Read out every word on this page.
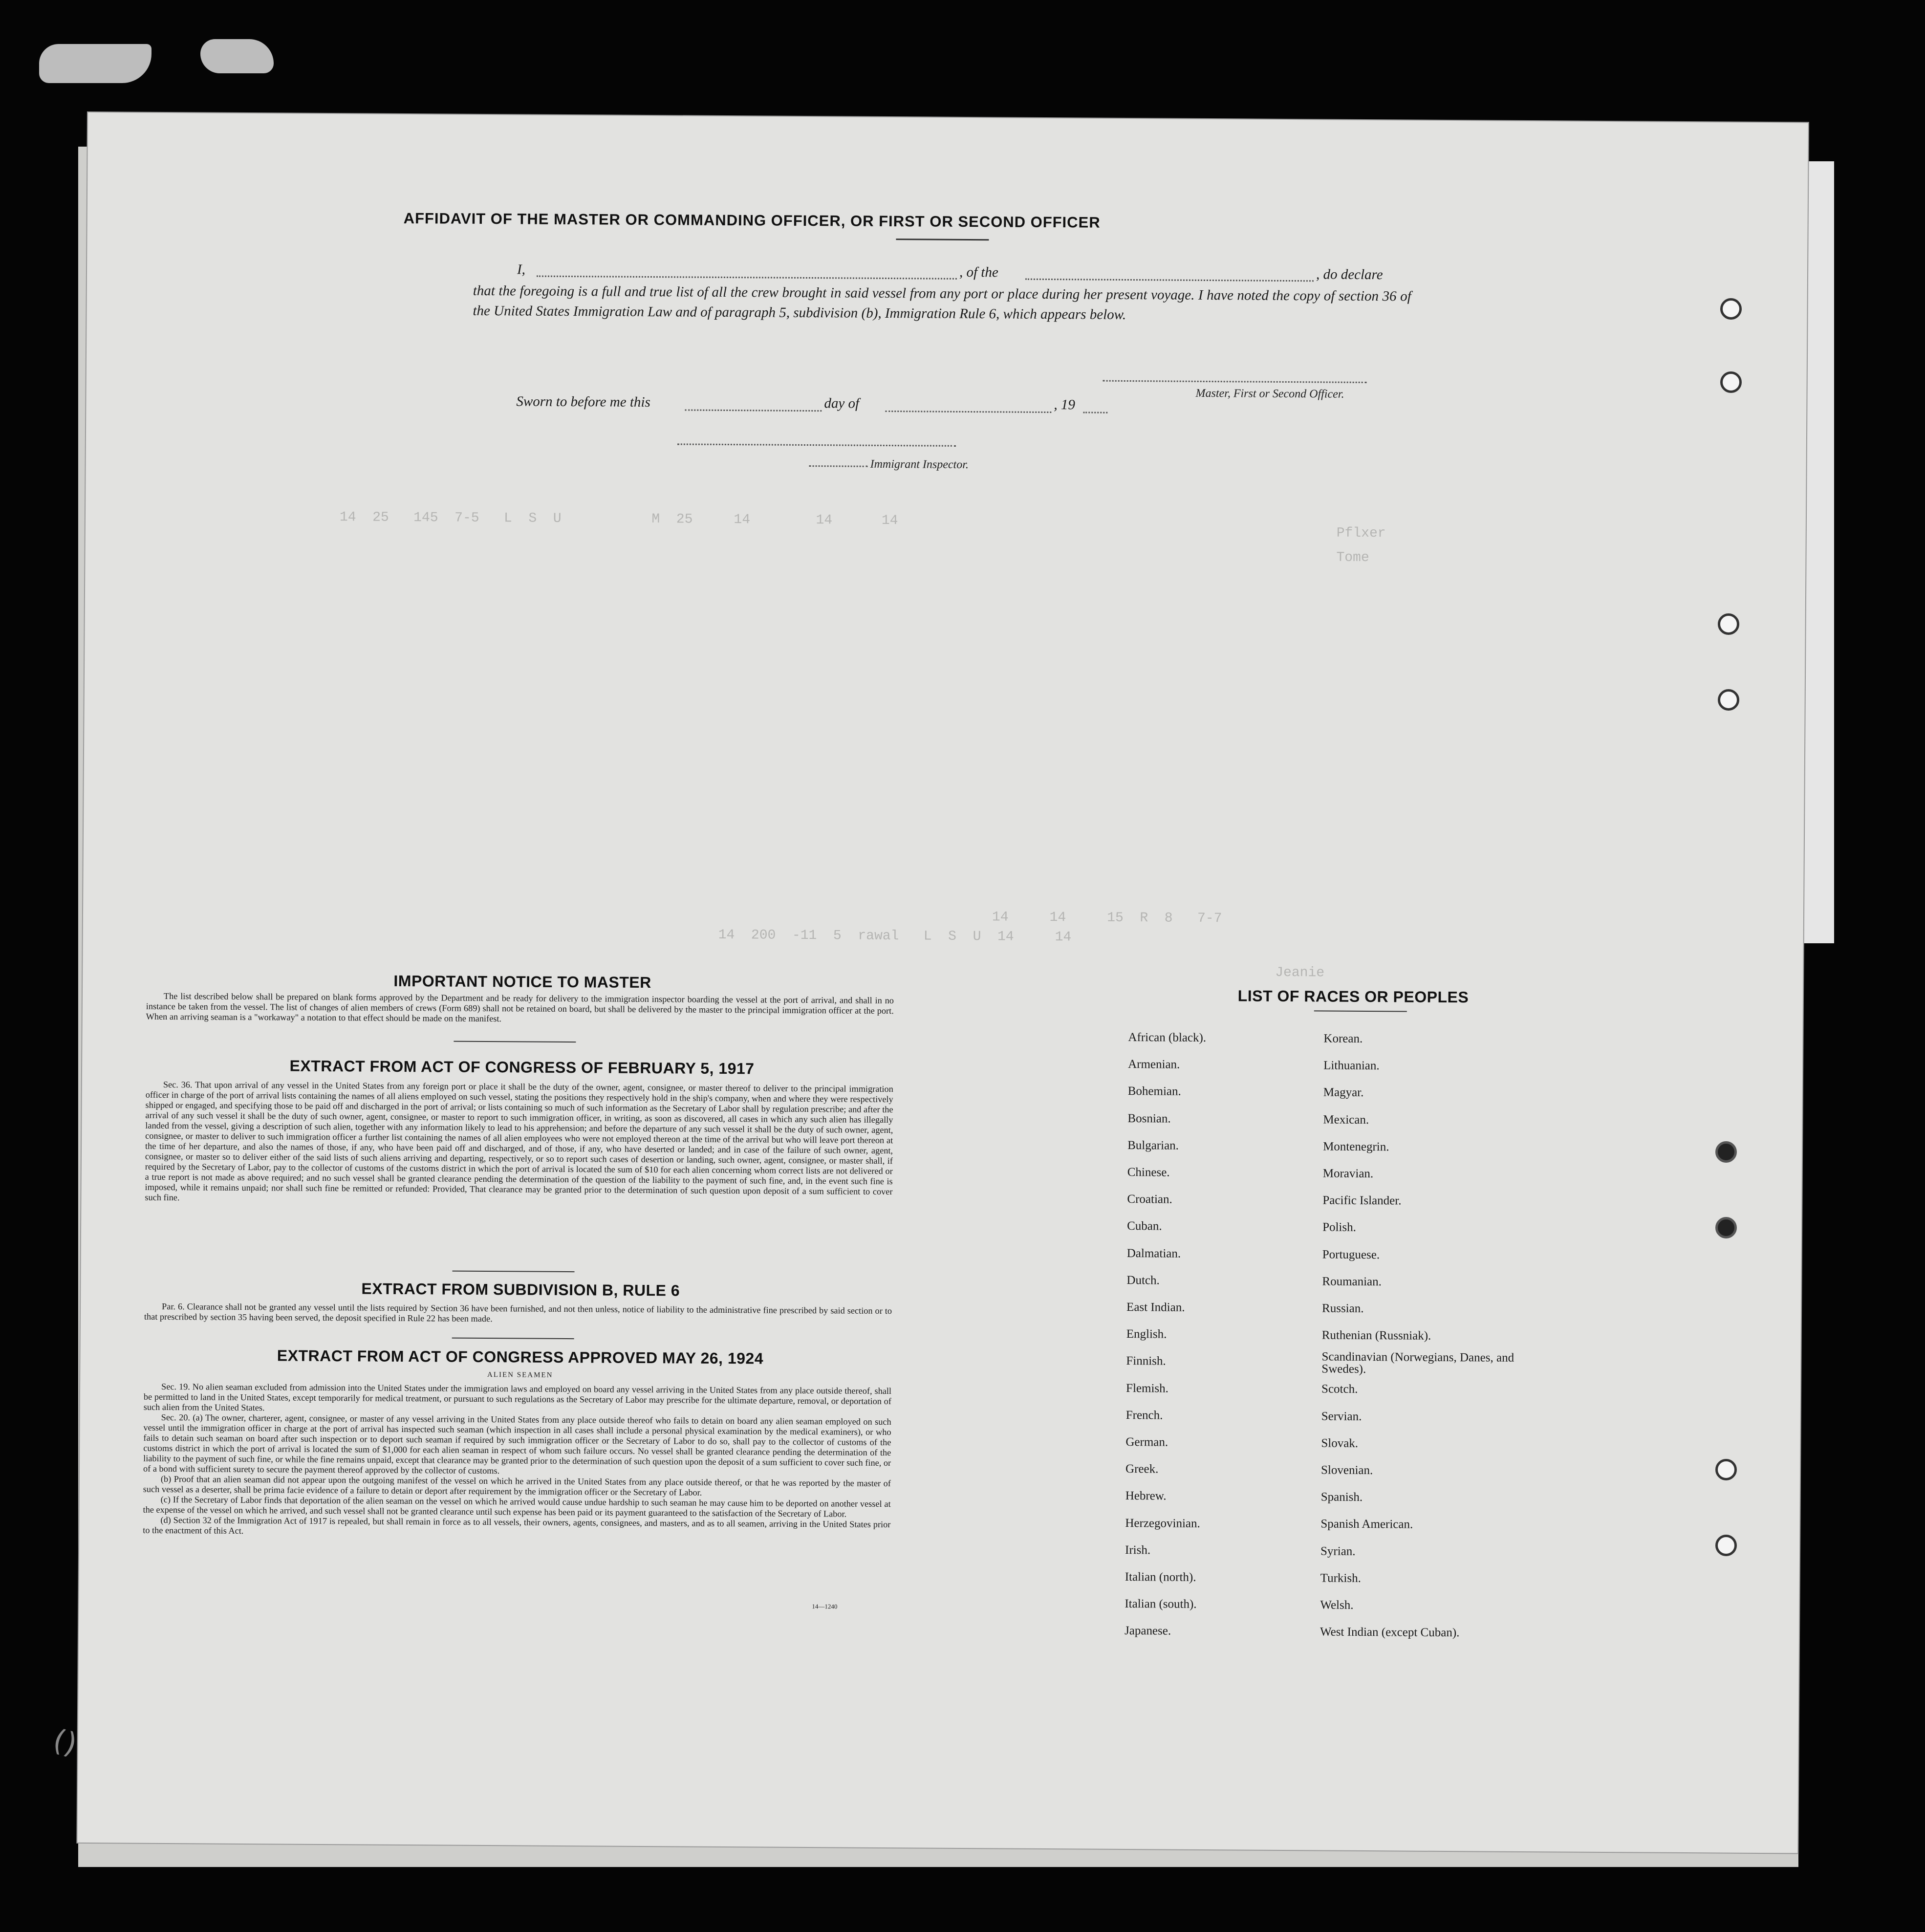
AFFIDAVIT OF THE MASTER OR COMMANDING OFFICER, OR FIRST OR SECOND OFFICER
I,	, of the	, do declare
that the foregoing is a full and true list of all the crew brought in said vessel from any port or place during her present voyage. I have noted the copy of section 36 of the United States Immigration Law and of paragraph 5, subdivision (b), Immigration Rule 6, which appears below.
Master, First or Second Officer.
Sworn to before me this	day of	, 19
Immigrant Inspector.
14  25   145  7-5   L  S  U           M  25     14        14      14
Pflxer
Tome
14     14     15  R  8   7-7
14  200  -11  5  rawal   L  S  U  14     14
Jeanie
IMPORTANT NOTICE TO MASTER

The list described below shall be prepared on blank forms approved by the Department and be ready for delivery to the immigration inspector boarding the vessel at the port of arrival, and shall in no instance be taken from the vessel. The list of changes of alien members of crews (Form 689) shall not be retained on board, but shall be delivered by the master to the principal immigration officer at the port. When an arriving seaman is a "workaway" a notation to that effect should be made on the manifest.

EXTRACT FROM ACT OF CONGRESS OF FEBRUARY 5, 1917

Sec. 36. That upon arrival of any vessel in the United States from any foreign port or place it shall be the duty of the owner, agent, consignee, or master thereof to deliver to the principal immigration officer in charge of the port of arrival lists containing the names of all aliens employed on such vessel, stating the positions they respectively hold in the ship's company, when and where they were respectively shipped or engaged, and specifying those to be paid off and discharged in the port of arrival; or lists containing so much of such information as the Secretary of Labor shall by regulation prescribe; and after the arrival of any such vessel it shall be the duty of such owner, agent, consignee, or master to report to such immigration officer, in writing, as soon as discovered, all cases in which any such alien has illegally landed from the vessel, giving a description of such alien, together with any information likely to lead to his apprehension; and before the departure of any such vessel it shall be the duty of such owner, agent, consignee, or master to deliver to such immigration officer a further list containing the names of all alien employees who were not employed thereon at the time of the arrival but who will leave port thereon at the time of her departure, and also the names of those, if any, who have been paid off and discharged, and of those, if any, who have deserted or landed; and in case of the failure of such owner, agent, consignee, or master so to deliver either of the said lists of such aliens arriving and departing, respectively, or so to report such cases of desertion or landing, such owner, agent, consignee, or master shall, if required by the Secretary of Labor, pay to the collector of customs of the customs district in which the port of arrival is located the sum of $10 for each alien concerning whom correct lists are not delivered or a true report is not made as above required; and no such vessel shall be granted clearance pending the determination of the question of the liability to the payment of such fine, and, in the event such fine is imposed, while it remains unpaid; nor shall such fine be remitted or refunded: Provided, That clearance may be granted prior to the determination of such question upon deposit of a sum sufficient to cover such fine.

EXTRACT FROM SUBDIVISION B, RULE 6

Par. 6. Clearance shall not be granted any vessel until the lists required by Section 36 have been furnished, and not then unless, notice of liability to the administrative fine prescribed by said section or to that prescribed by section 35 having been served, the deposit specified in Rule 22 has been made.

EXTRACT FROM ACT OF CONGRESS APPROVED MAY 26, 1924
ALIEN SEAMEN

Sec. 19. No alien seaman excluded from admission into the United States under the immigration laws and employed on board any vessel arriving in the United States from any place outside thereof, shall be permitted to land in the United States, except temporarily for medical treatment, or pursuant to such regulations as the Secretary of Labor may prescribe for the ultimate departure, removal, or deportation of such alien from the United States.

Sec. 20. (a) The owner, charterer, agent, consignee, or master of any vessel arriving in the United States from any place outside thereof who fails to detain on board any alien seaman employed on such vessel until the immigration officer in charge at the port of arrival has inspected such seaman (which inspection in all cases shall include a personal physical examination by the medical examiners), or who fails to detain such seaman on board after such inspection or to deport such seaman if required by such immigration officer or the Secretary of Labor to do so, shall pay to the collector of customs of the customs district in which the port of arrival is located the sum of $1,000 for each alien seaman in respect of whom such failure occurs. No vessel shall be granted clearance pending the determination of the liability to the payment of such fine, or while the fine remains unpaid, except that clearance may be granted prior to the determination of such question upon the deposit of a sum sufficient to cover such fine, or of a bond with sufficient surety to secure the payment thereof approved by the collector of customs.

(b) Proof that an alien seaman did not appear upon the outgoing manifest of the vessel on which he arrived in the United States from any place outside thereof, or that he was reported by the master of such vessel as a deserter, shall be prima facie evidence of a failure to detain or deport after requirement by the immigration officer or the Secretary of Labor.

(c) If the Secretary of Labor finds that deportation of the alien seaman on the vessel on which he arrived would cause undue hardship to such seaman he may cause him to be deported on another vessel at the expense of the vessel on which he arrived, and such vessel shall not be granted clearance until such expense has been paid or its payment guaranteed to the satisfaction of the Secretary of Labor.

(d) Section 32 of the Immigration Act of 1917 is repealed, but shall remain in force as to all vessels, their owners, agents, consignees, and masters, and as to all seamen, arriving in the United States prior to the enactment of this Act.

14—1240
LIST OF RACES OR PEOPLES
African (black).
Armenian.
Bohemian.
Bosnian.
Bulgarian.
Chinese.
Croatian.
Cuban.
Dalmatian.
Dutch.
East Indian.
English.
Finnish.
Flemish.
French.
German.
Greek.
Hebrew.
Herzegovinian.
Irish.
Italian (north).
Italian (south).
Japanese.
Korean.
Lithuanian.
Magyar.
Mexican.
Montenegrin.
Moravian.
Pacific Islander.
Polish.
Portuguese.
Roumanian.
Russian.
Ruthenian (Russniak).
Scandinavian (Norwegians, Danes, and Swedes).
Scotch.
Servian.
Slovak.
Slovenian.
Spanish.
Spanish American.
Syrian.
Turkish.
Welsh.
West Indian (except Cuban).
()
